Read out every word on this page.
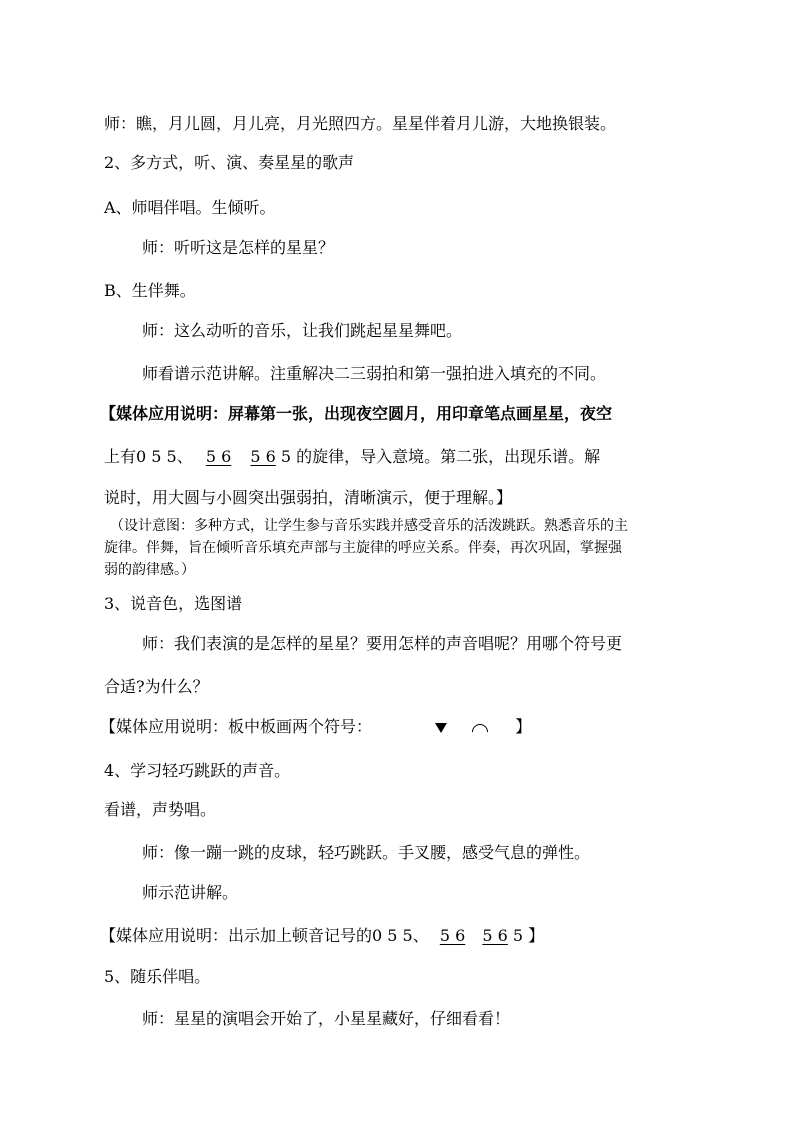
师：瞧，月儿圆，月儿亮，月光照四方。星星伴着月儿游，大地换银装。
2、多方式，听、演、奏星星的歌声
A、师唱伴唱。生倾听。
师：听听这是怎样的星星？
B、生伴舞。
师：这么动听的音乐，让我们跳起星星舞吧。
师看谱示范讲解。注重解决二三弱拍和第一强拍进入填充的不同。
【媒体应用说明：屏幕第一张，出现夜空圆月，用印章笔点画星星，夜空
上有0 5 5、 5 6 5 6 5 的旋律，导入意境。第二张，出现乐谱。解
说时，用大圆与小圆突出强弱拍，清晰演示，便于理解。】
（设计意图：多种方式，让学生参与音乐实践并感受音乐的活泼跳跃。熟悉音乐的主
旋律。伴舞，旨在倾听音乐填充声部与主旋律的呼应关系。伴奏，再次巩固，掌握强
弱的韵律感。）
3、说音色，选图谱
师：我们表演的是怎样的星星？要用怎样的声音唱呢？用哪个符号更
合适?为什么？
【媒体应用说明：板中板画两个符号：	】
4、学习轻巧跳跃的声音。
看谱，声势唱。
师：像一蹦一跳的皮球，轻巧跳跃。手叉腰，感受气息的弹性。
师示范讲解。
【媒体应用说明：出示加上顿音记号的0 5 5、 5 6 5 6 5 】
5、随乐伴唱。
师：星星的演唱会开始了，小星星藏好，仔细看看！
